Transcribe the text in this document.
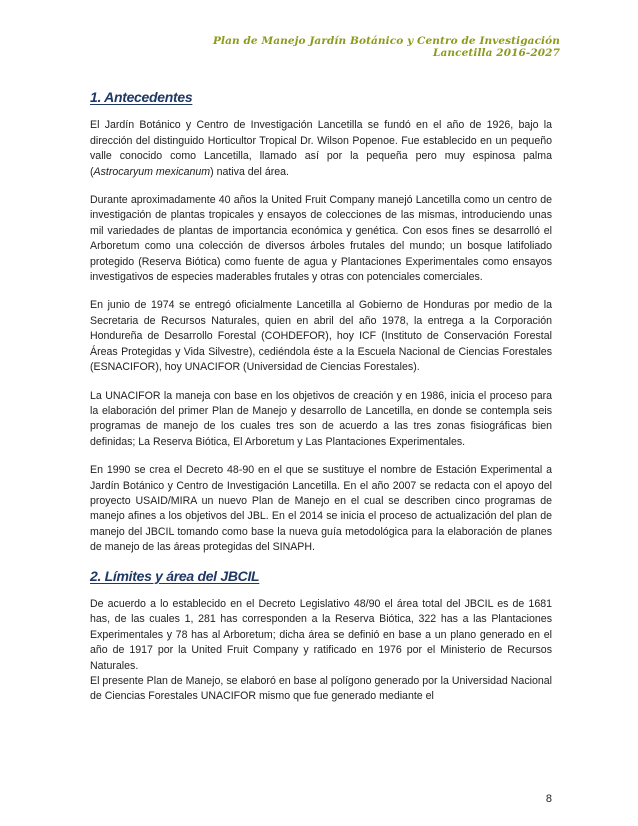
Plan de Manejo Jardín Botánico y Centro de Investigación Lancetilla 2016-2027
1. Antecedentes

El Jardín Botánico y Centro de Investigación Lancetilla se fundó en el año de 1926, bajo la dirección del distinguido Horticultor Tropical Dr. Wilson Popenoe. Fue establecido en un pequeño valle conocido como Lancetilla, llamado así por la pequeña pero muy espinosa palma (Astrocaryum mexicanum) nativa del área.

Durante aproximadamente 40 años la United Fruit Company manejó Lancetilla como un centro de investigación de plantas tropicales y ensayos de colecciones de las mismas, introduciendo unas mil variedades de plantas de importancia económica y genética. Con esos fines se desarrolló el Arboretum como una colección de diversos árboles frutales del mundo; un bosque latifoliado protegido (Reserva Biótica) como fuente de agua y Plantaciones Experimentales como ensayos investigativos de especies maderables frutales y otras con potenciales comerciales.

En junio de 1974 se entregó oficialmente Lancetilla al Gobierno de Honduras por medio de la Secretaria de Recursos Naturales, quien en abril del año 1978, la entrega a la Corporación Hondureña de Desarrollo Forestal (COHDEFOR), hoy ICF (Instituto de Conservación Forestal Áreas Protegidas y Vida Silvestre), cediéndola éste a la Escuela Nacional de Ciencias Forestales (ESNACIFOR), hoy UNACIFOR (Universidad de Ciencias Forestales).

La UNACIFOR la maneja con base en los objetivos de creación y en 1986, inicia el proceso para la elaboración del primer Plan de Manejo y desarrollo de Lancetilla, en donde se contempla seis programas de manejo de los cuales tres son de acuerdo a las tres zonas fisiográficas bien definidas; La Reserva Biótica, El Arboretum y Las Plantaciones Experimentales.

En 1990 se crea el Decreto 48-90 en el que se sustituye el nombre de Estación Experimental a Jardín Botánico y Centro de Investigación Lancetilla. En el año 2007 se redacta con el apoyo del proyecto USAID/MIRA un nuevo Plan de Manejo en el cual se describen cinco programas de manejo afines a los objetivos del JBL. En el 2014 se inicia el proceso de actualización del plan de manejo del JBCIL tomando como base la nueva guía metodológica para la elaboración de planes de manejo de las áreas protegidas del SINAPH.

2. Límites y área del JBCIL

De acuerdo a lo establecido en el Decreto Legislativo 48/90 el área total del JBCIL es de 1681 has, de las cuales 1, 281 has corresponden a la Reserva Biótica, 322 has a las Plantaciones Experimentales y 78 has al Arboretum; dicha área se definió en base a un plano generado en el año de 1917 por la United Fruit Company y ratificado en 1976 por el Ministerio de Recursos Naturales.

El presente Plan de Manejo, se elaboró en base al polígono generado por la Universidad Nacional de Ciencias Forestales UNACIFOR mismo que fue generado mediante el

8
